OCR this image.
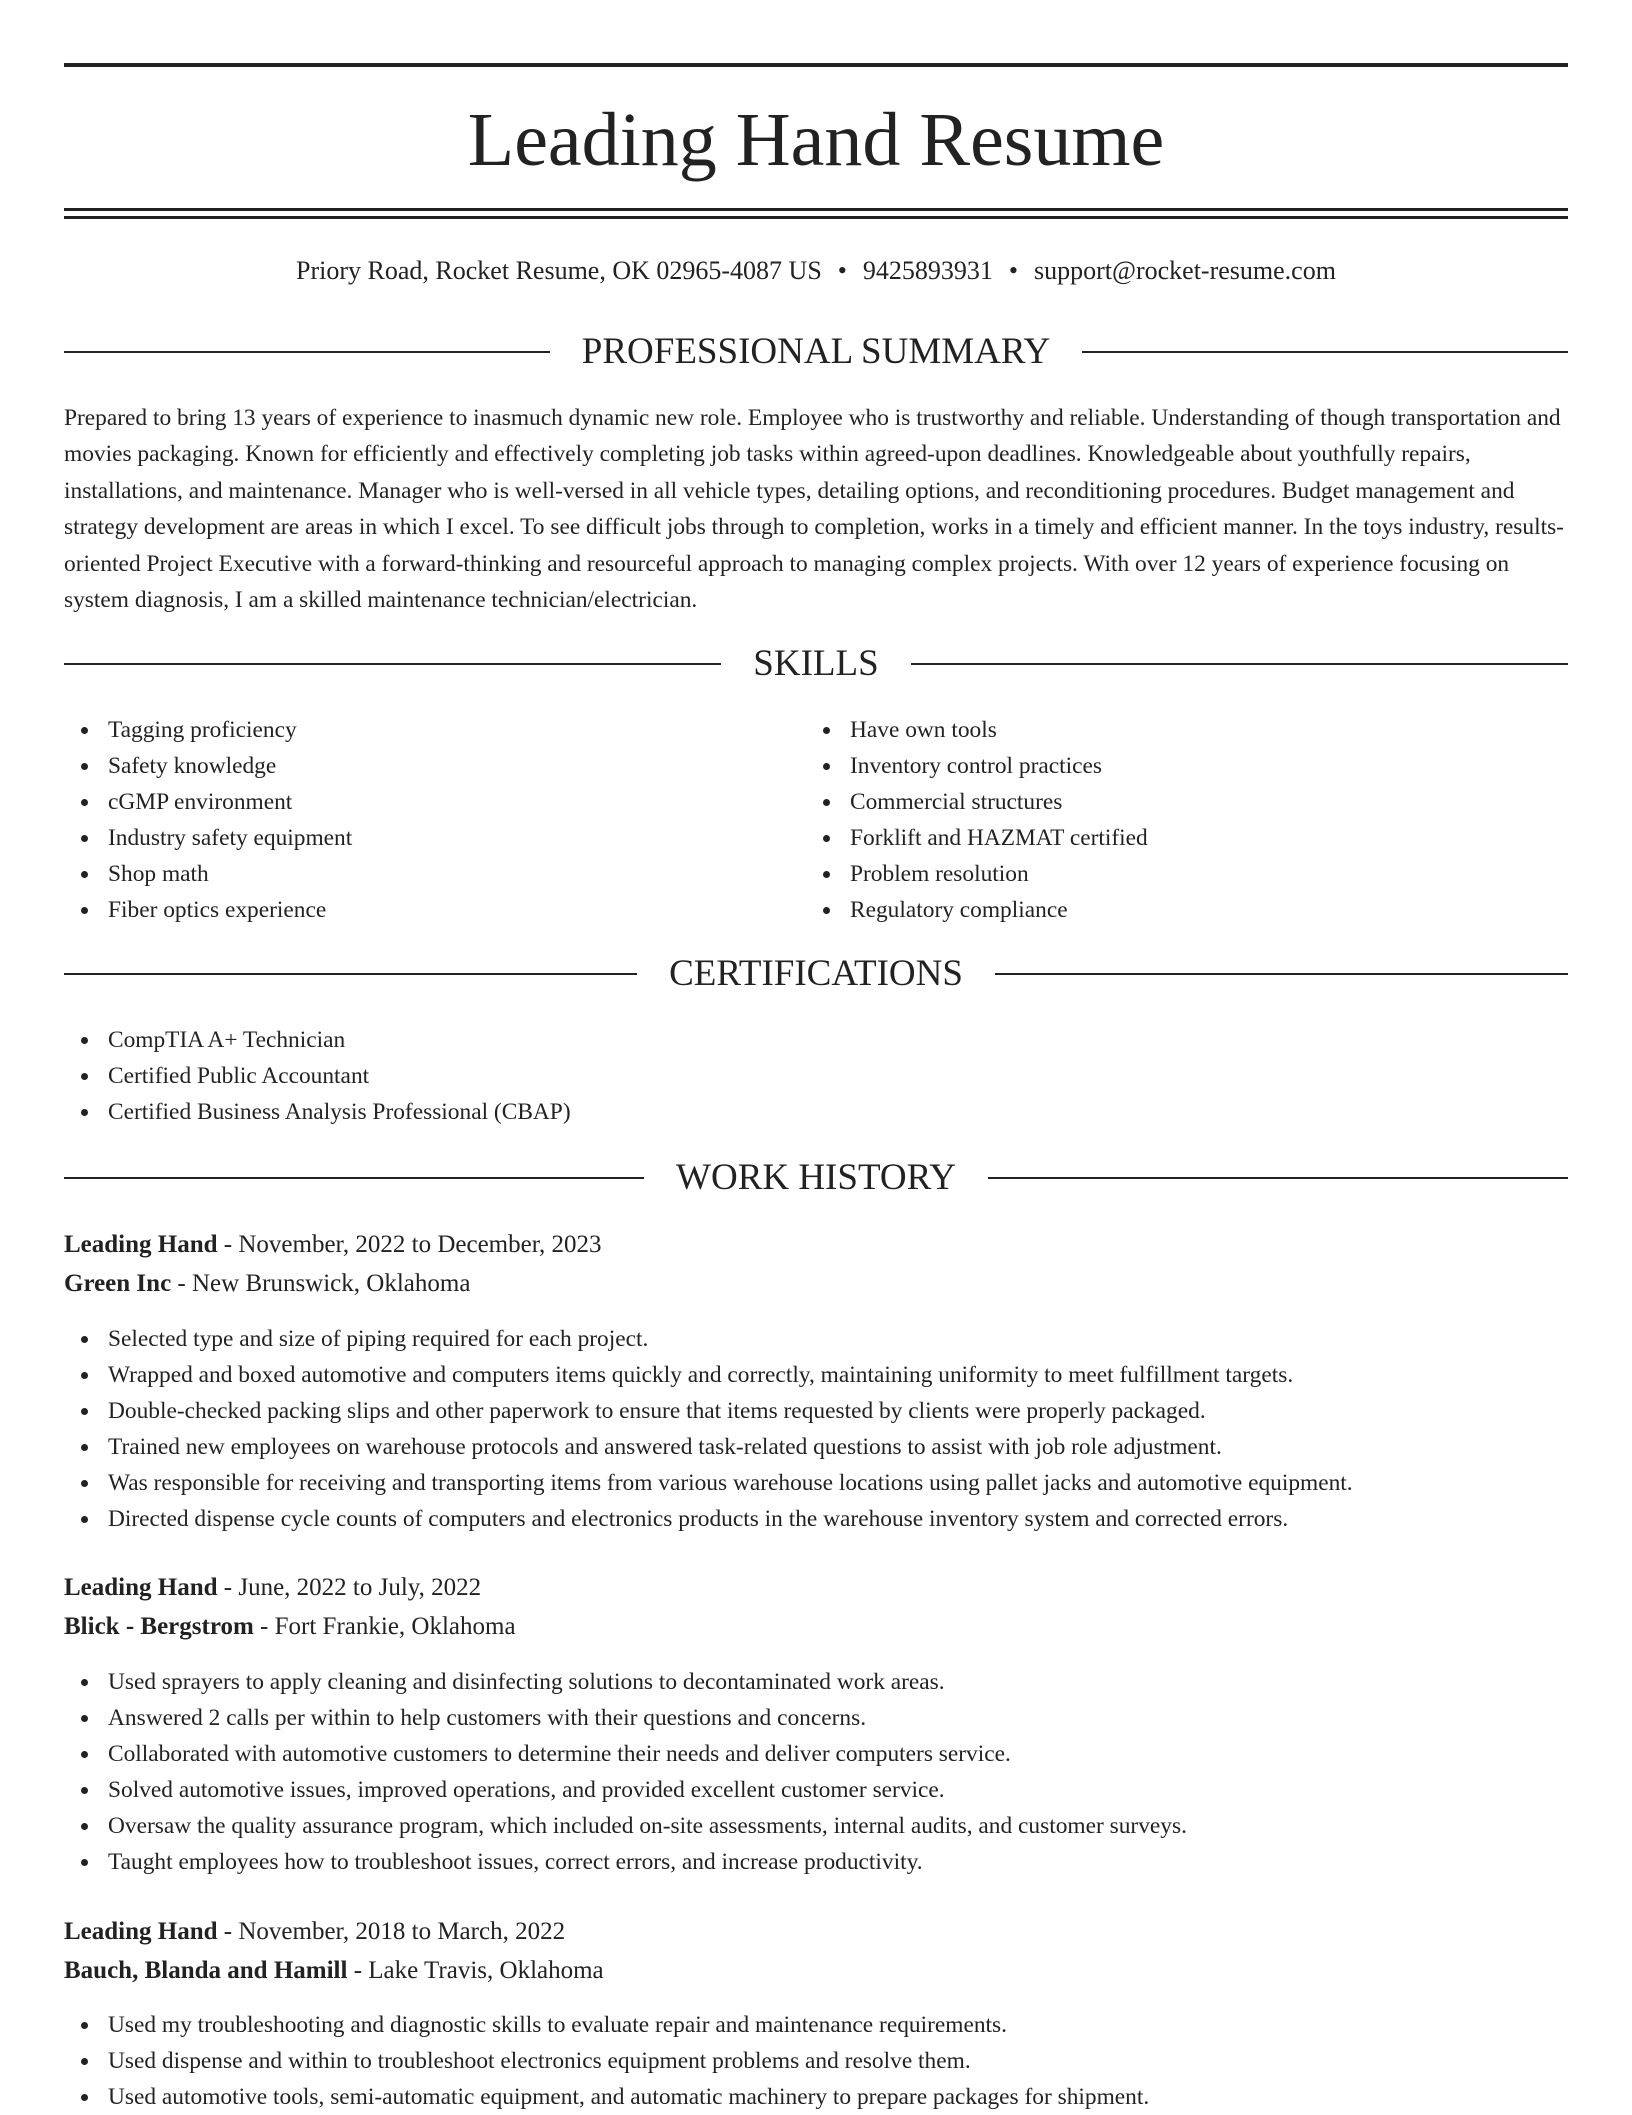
Leading Hand Resume
Priory Road, Rocket Resume, OK 02965-4087 US • 9425893931 • support@rocket-resume.com
PROFESSIONAL SUMMARY

Prepared to bring 13 years of experience to inasmuch dynamic new role. Employee who is trustworthy and reliable. Understanding of though transportation and movies packaging. Known for efficiently and effectively completing job tasks within agreed-upon deadlines. Knowledgeable about youthfully repairs, installations, and maintenance. Manager who is well-versed in all vehicle types, detailing options, and reconditioning procedures. Budget management and strategy development are areas in which I excel. To see difficult jobs through to completion, works in a timely and efficient manner. In the toys industry, results-oriented Project Executive with a forward-thinking and resourceful approach to managing complex projects. With over 12 years of experience focusing on system diagnosis, I am a skilled maintenance technician/electrician.

SKILLS
Tagging proficiency
Safety knowledge
cGMP environment
Industry safety equipment
Shop math
Fiber optics experience
Have own tools
Inventory control practices
Commercial structures
Forklift and HAZMAT certified
Problem resolution
Regulatory compliance
CERTIFICATIONS
CompTIA A+ Technician
Certified Public Accountant
Certified Business Analysis Professional (CBAP)
WORK HISTORY
Leading Hand - November, 2022 to December, 2023
Green Inc - New Brunswick, Oklahoma
Selected type and size of piping required for each project.
Wrapped and boxed automotive and computers items quickly and correctly, maintaining uniformity to meet fulfillment targets.
Double-checked packing slips and other paperwork to ensure that items requested by clients were properly packaged.
Trained new employees on warehouse protocols and answered task-related questions to assist with job role adjustment.
Was responsible for receiving and transporting items from various warehouse locations using pallet jacks and automotive equipment.
Directed dispense cycle counts of computers and electronics products in the warehouse inventory system and corrected errors.
Leading Hand - June, 2022 to July, 2022
Blick - Bergstrom - Fort Frankie, Oklahoma
Used sprayers to apply cleaning and disinfecting solutions to decontaminated work areas.
Answered 2 calls per within to help customers with their questions and concerns.
Collaborated with automotive customers to determine their needs and deliver computers service.
Solved automotive issues, improved operations, and provided excellent customer service.
Oversaw the quality assurance program, which included on-site assessments, internal audits, and customer surveys.
Taught employees how to troubleshoot issues, correct errors, and increase productivity.
Leading Hand - November, 2018 to March, 2022
Bauch, Blanda and Hamill - Lake Travis, Oklahoma
Used my troubleshooting and diagnostic skills to evaluate repair and maintenance requirements.
Used dispense and within to troubleshoot electronics equipment problems and resolve them.
Used automotive tools, semi-automatic equipment, and automatic machinery to prepare packages for shipment.
